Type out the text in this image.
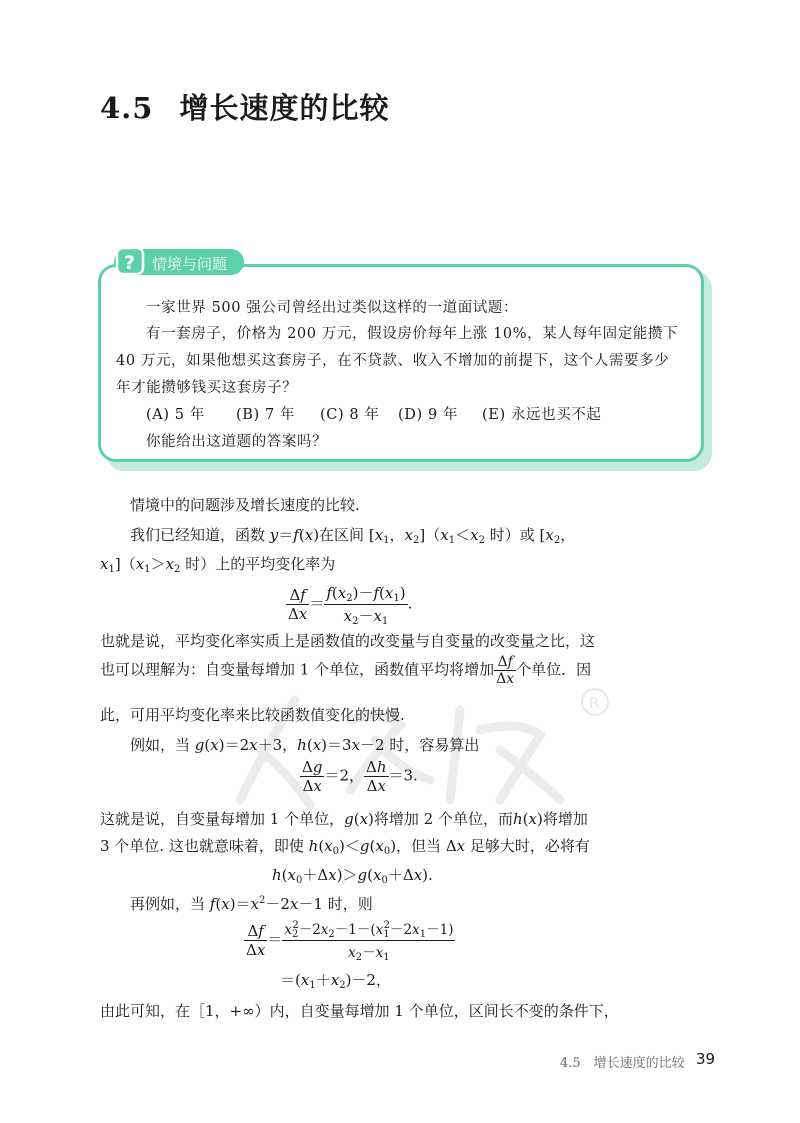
R
4.5 增长速度的比较
? 情境与问题
一家世界 500 强公司曾经出过类似这样的一道面试题：
有一套房子，价格为 200 万元，假设房价每年上涨 10%，某人每年固定能攒下
40 万元，如果他想买这套房子，在不贷款、收入不增加的前提下，这个人需要多少
年才能攒够钱买这套房子？
(A) 5 年 (B) 7 年 (C) 8 年 (D) 9 年 (E) 永远也买不起
你能给出这道题的答案吗？
情境中的问题涉及增长速度的比较.
我们已经知道，函数 y＝f(x)在区间 [$x_1$，$x_2](x_1<x_2$ 时）或 [$x_2$，
$x_1](x_1>x_2$ 时）上的平均变化率为
$\frac{\Delta f}{\Delta x} = \frac{f(x_2)-f(x_1)}{x_2-x_1}$ .
也就是说，平均变化率实质上是函数值的改变量与自变量的改变量之比，这
也可以理解为：自变量每增加 1 个单位，函数值平均将增加 $\frac{\Delta f}{\Delta x}$ 个单位．因
此，可用平均变化率来比较函数值变化的快慢.
例如，当 g(x)＝2x＋3，h(x)＝3x－2 时，容易算出
$\frac{\Delta g}{\Delta x} =2$， $\frac{\Delta h}{\Delta x} =3$.
这就是说，自变量每增加 1 个单位，g(x)将增加 2 个单位，而h(x)将增加
3 个单位. 这也就意味着，即使 $h(x_0)<g(x_0)$，但当 Δx 足够大时，必将有
$h(x_0+\Delta x)>g(x_0+\Delta x)$.
再例如，当 $f(x)=x^2-2x-1$ 时，则
$\frac{\Delta f}{\Delta x} = \frac{x_2^2-2x_2-1-(x_1^2-2x_1-1)}{x_2-x_1}$
$=(x_1+x_2)-2$，
由此可知，在［1，+∞）内，自变量每增加 1 个单位，区间长不变的条件下，
4.5　增长速度的比较 39
